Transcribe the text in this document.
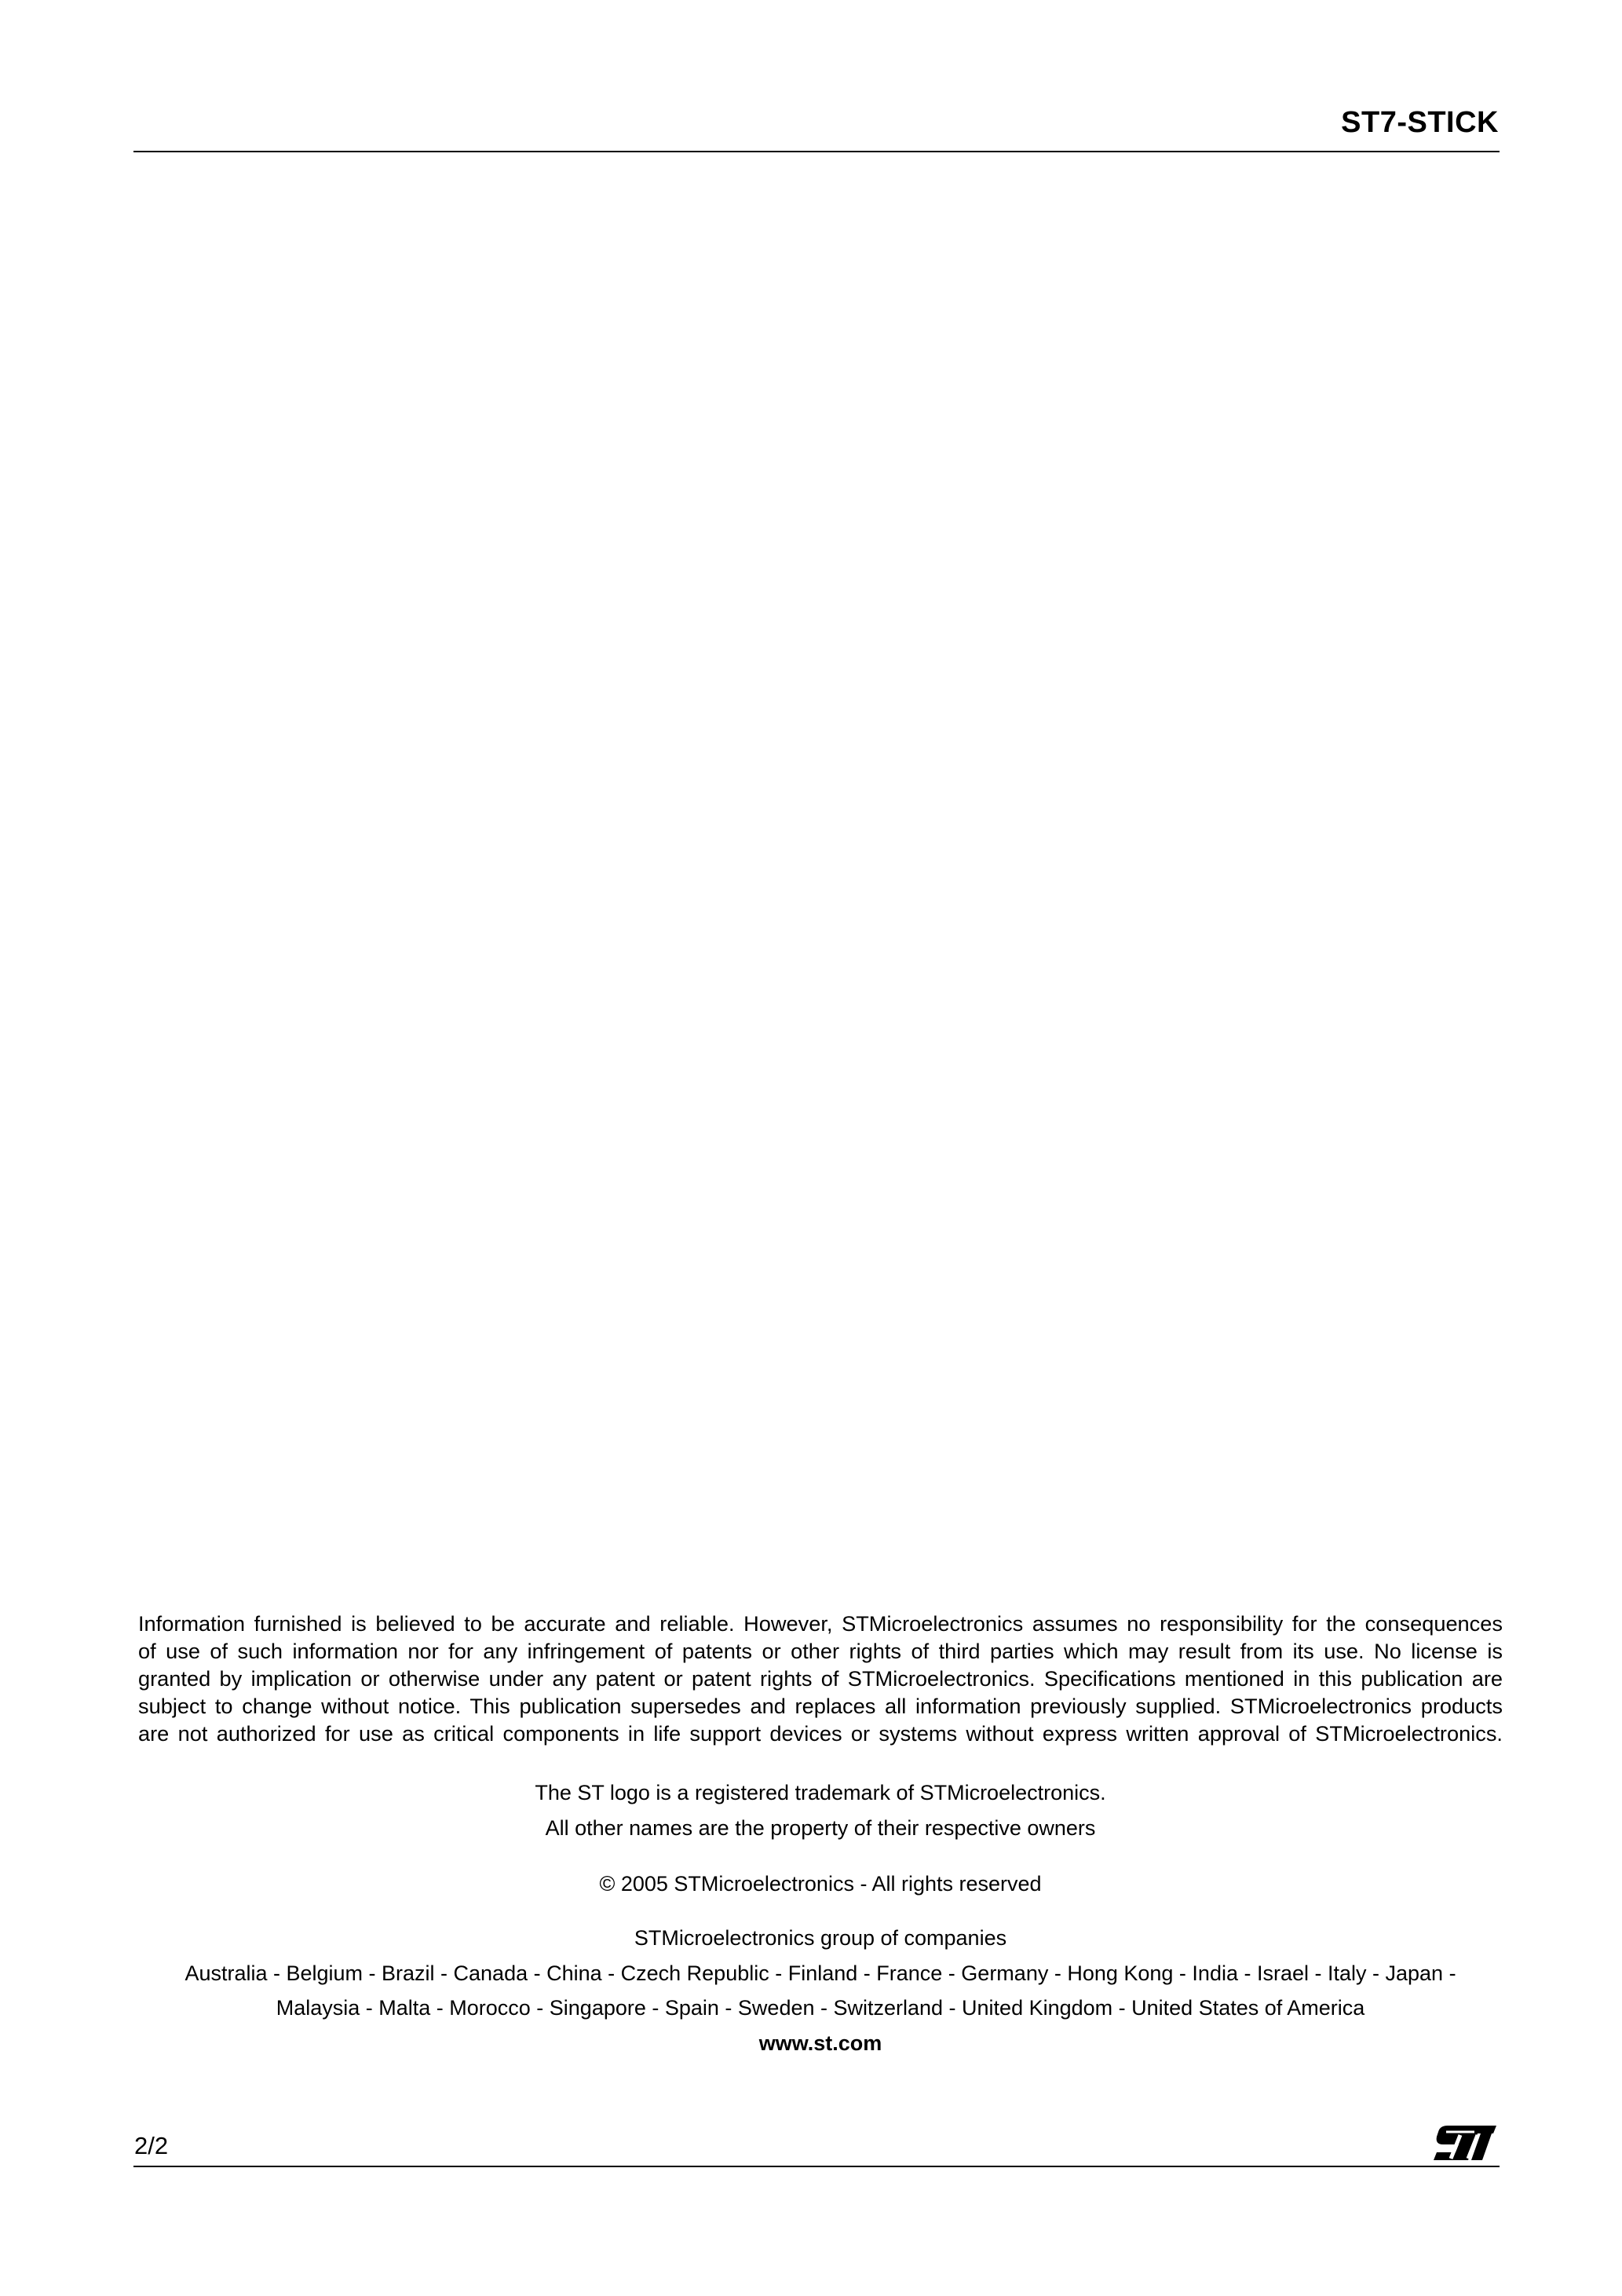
ST7-STICK
Information furnished is believed to be accurate and reliable. However, STMicroelectronics assumes no responsibility for the consequences
of use of such information nor for any infringement of patents or other rights of third parties which may result from its use. No license is
granted by implication or otherwise under any patent or patent rights of STMicroelectronics. Specifications mentioned in this publication are
subject to change without notice. This publication supersedes and replaces all information previously supplied. STMicroelectronics products
are not authorized for use as critical components in life support devices or systems without express written approval of STMicroelectronics.
The ST logo is a registered trademark of STMicroelectronics.
All other names are the property of their respective owners
© 2005 STMicroelectronics - All rights reserved
STMicroelectronics group of companies
Australia - Belgium - Brazil - Canada - China - Czech Republic - Finland - France - Germany - Hong Kong - India - Israel - Italy - Japan -
Malaysia - Malta - Morocco - Singapore - Spain - Sweden - Switzerland - United Kingdom - United States of America
www.st.com
2/2
